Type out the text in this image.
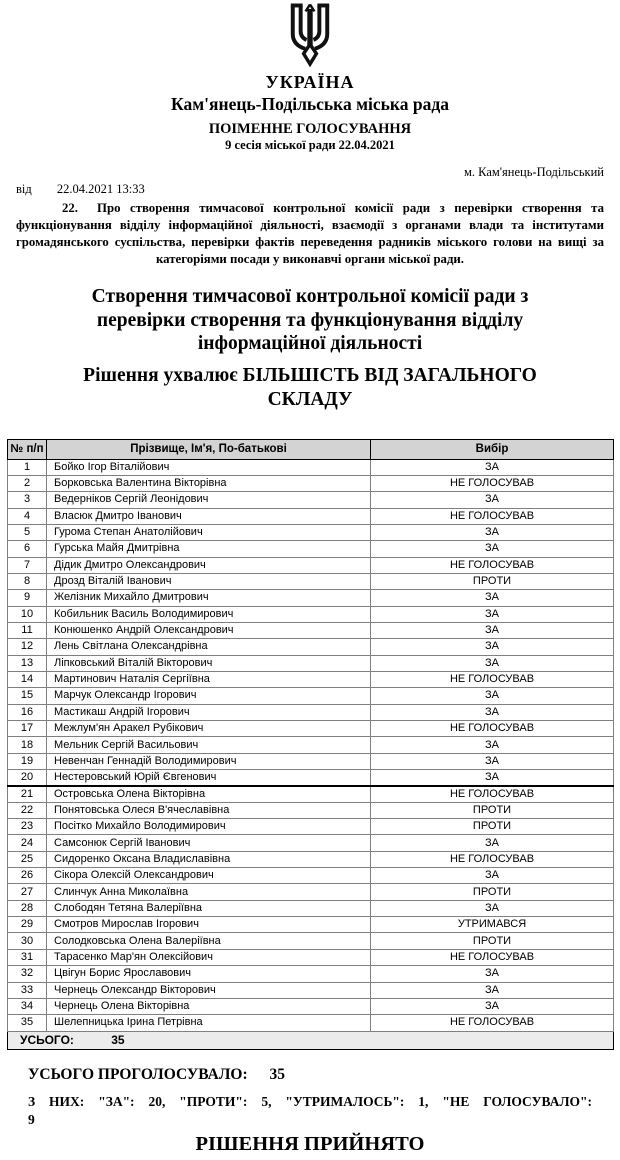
УКРАЇНА
Кам'янець-Подільська міська рада
ПОІМЕННЕ ГОЛОСУВАННЯ
9 сесія міської ради 22.04.2021
м. Кам'янець-Подільський
від 22.04.2021 13:33

22.  Про створення тимчасової контрольної комісії ради з перевірки створення та функціонування відділу інформаційної діяльності, взаємодії з органами влади та інститутами громадянського суспільства, перевірки фактів переведення радників міського голови на вищі за категоріями посади у виконавчі органи міської ради.

Створення тимчасової контрольної комісії ради з
перевірки створення та функціонування відділу
інформаційної діяльності
Рішення ухвалює БІЛЬШІСТЬ ВІД ЗАГАЛЬНОГО
СКЛАДУ
№ п/п	Прізвище, Ім'я, По-батькові	Вибір
1	Бойко Ігор Віталійович	ЗА
2	Борковська Валентина Вікторівна	НЕ ГОЛОСУВАВ
3	Ведерніков Сергій Леонідович	ЗА
4	Власюк Дмитро Іванович	НЕ ГОЛОСУВАВ
5	Гурома Степан Анатолійович	ЗА
6	Гурська Майя Дмитрівна	ЗА
7	Дідик Дмитро Олександрович	НЕ ГОЛОСУВАВ
8	Дрозд Віталій Іванович	ПРОТИ
9	Желізник Михайло Дмитрович	ЗА
10	Кобильник Василь Володимирович	ЗА
11	Конюшенко Андрій Олександрович	ЗА
12	Лень Світлана Олександрівна	ЗА
13	Ліпковський Віталій Вікторович	ЗА
14	Мартинович Наталія Сергіївна	НЕ ГОЛОСУВАВ
15	Марчук Олександр Ігорович	ЗА
16	Мастикаш Андрій Ігорович	ЗА
17	Межлум'ян Аракел Рубікович	НЕ ГОЛОСУВАВ
18	Мельник Сергій Васильович	ЗА
19	Невенчан Геннадій Володимирович	ЗА
20	Нестеровський Юрій Євгенович	ЗА
21	Островська Олена Вікторівна	НЕ ГОЛОСУВАВ
22	Понятовська Олеся В'ячеславівна	ПРОТИ
23	Посітко Михайло Володимирович	ПРОТИ
24	Самсонюк Сергій Іванович	ЗА
25	Сидоренко Оксана Владиславівна	НЕ ГОЛОСУВАВ
26	Сікора Олексій Олександрович	ЗА
27	Слинчук Анна Миколаївна	ПРОТИ
28	Слободян Тетяна Валеріївна	ЗА
29	Смотров Мирослав Ігорович	УТРИМАВСЯ
30	Солодковська Олена Валеріївна	ПРОТИ
31	Тарасенко Мар'ян Олексійович	НЕ ГОЛОСУВАВ
32	Цвігун Борис Ярославович	ЗА
33	Чернець Олександр Вікторович	ЗА
34	Чернець Олена Вікторівна	ЗА
35	Шелепницька Ірина Петрівна	НЕ ГОЛОСУВАВ
УСЬОГО: 35		
УСЬОГО ПРОГОЛОСУВАЛО: 35
З НИХ: "ЗА": 20, "ПРОТИ": 5, "УТРИМАЛОСЬ": 1, "НЕ ГОЛОСУВАЛО":
9
РІШЕННЯ ПРИЙНЯТО
